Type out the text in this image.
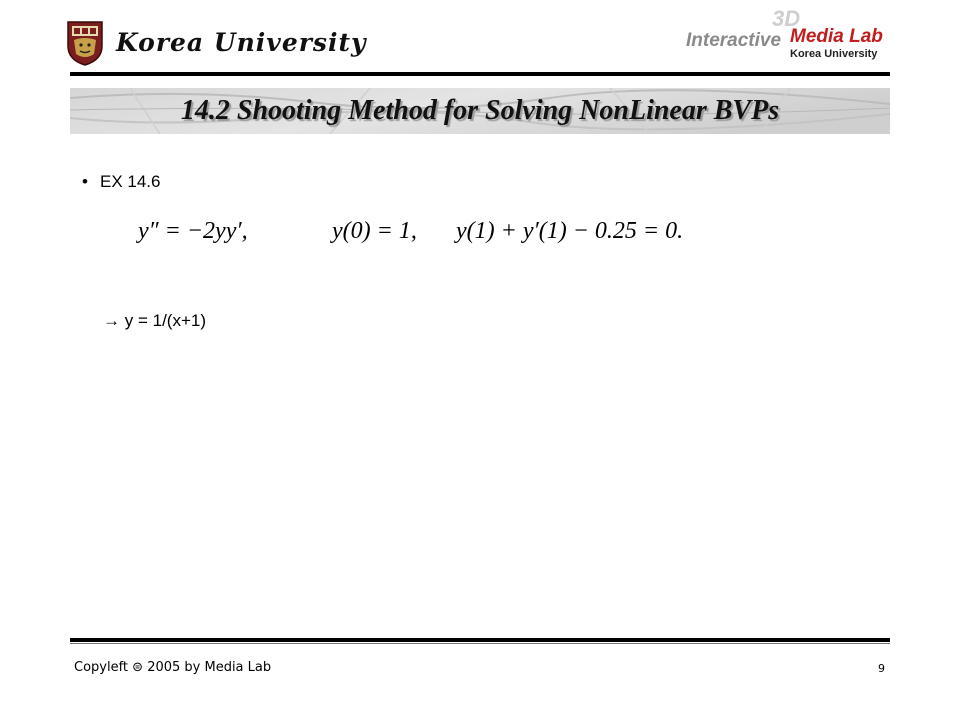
Korea University	Interactive
3D
Media Lab
Korea University
14.2 Shooting Method for Solving NonLinear BVPs
• EX 14.6
y″ = −2yy′,	y(0) = 1, y(1) + y′(1) − 0.25 = 0.
→ y = 1/(x+1)
Copyleft ⊜ 2005 by Media Lab	9
